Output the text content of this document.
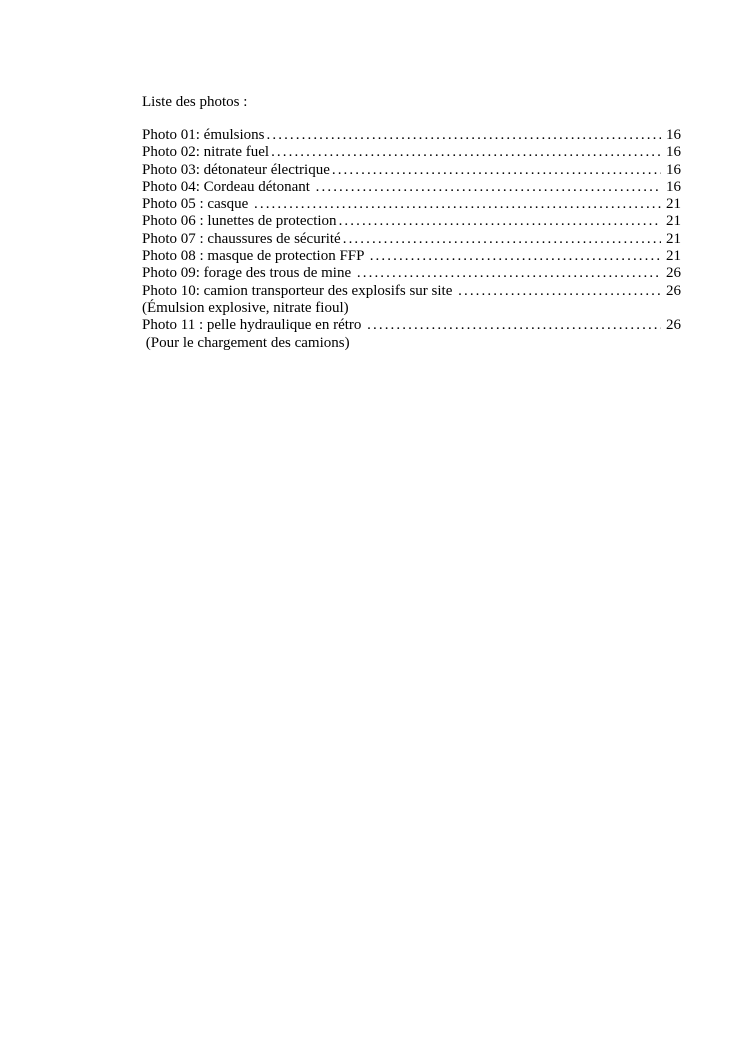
Liste des photos :

Photo 01: émulsions .....	16
Photo 02: nitrate fuel .....	16
Photo 03: détonateur électrique .....	16
Photo 04: Cordeau détonant .....	16
Photo 05 : casque .....	21
Photo 06 : lunettes de protection .....	21
Photo 07 : chaussures de sécurité .....	21
Photo 08 : masque de protection FFP .....	21
Photo 09: forage des trous de mine .....	26
Photo 10: camion transporteur des explosifs sur site .....	26
(Émulsion explosive, nitrate fioul)
Photo 11 : pelle hydraulique en rétro .....	26
(Pour le chargement des camions)
